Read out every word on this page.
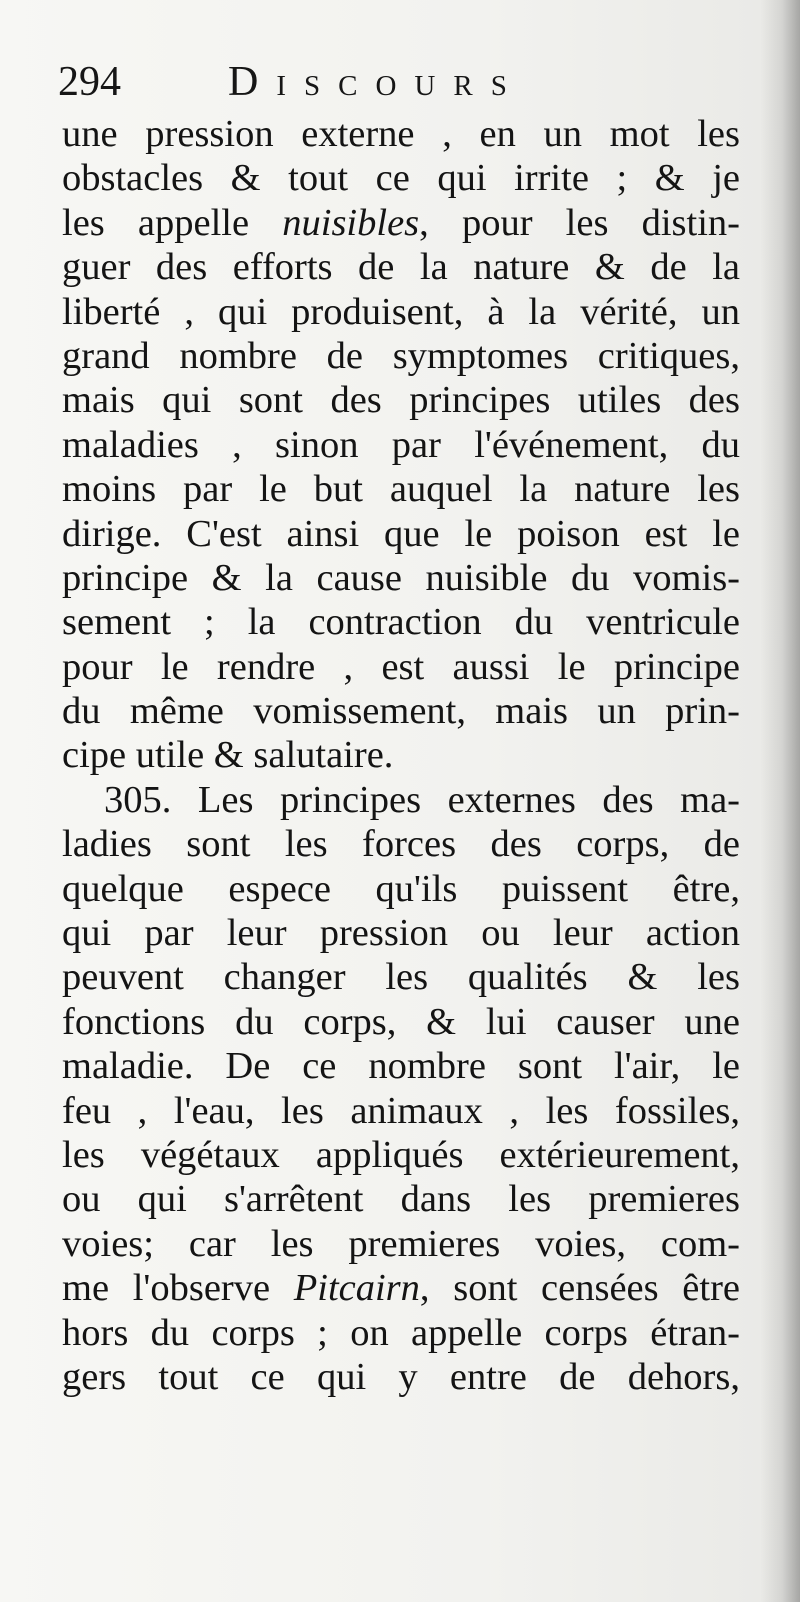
294	Discours
une pression externe , en un mot les
obstacles & tout ce qui irrite ; & je
les appelle nuisibles, pour les distin-
guer des efforts de la nature & de la
liberté , qui produisent, à la vérité, un
grand nombre de symptomes critiques,
mais qui sont des principes utiles des
maladies , sinon par l'événement, du
moins par le but auquel la nature les
dirige. C'est ainsi que le poison est le
principe & la cause nuisible du vomis-
sement ; la contraction du ventricule
pour le rendre , est aussi le principe
du même vomissement, mais un prin-
cipe utile & salutaire.
305. Les principes externes des ma-
ladies sont les forces des corps, de
quelque espece qu'ils puissent être,
qui par leur pression ou leur action
peuvent changer les qualités & les
fonctions du corps, & lui causer une
maladie. De ce nombre sont l'air, le
feu , l'eau, les animaux , les fossiles,
les végétaux appliqués extérieurement,
ou qui s'arrêtent dans les premieres
voies; car les premieres voies, com-
me l'observe Pitcairn, sont censées être
hors du corps ; on appelle corps étran-
gers tout ce qui y entre de dehors,
